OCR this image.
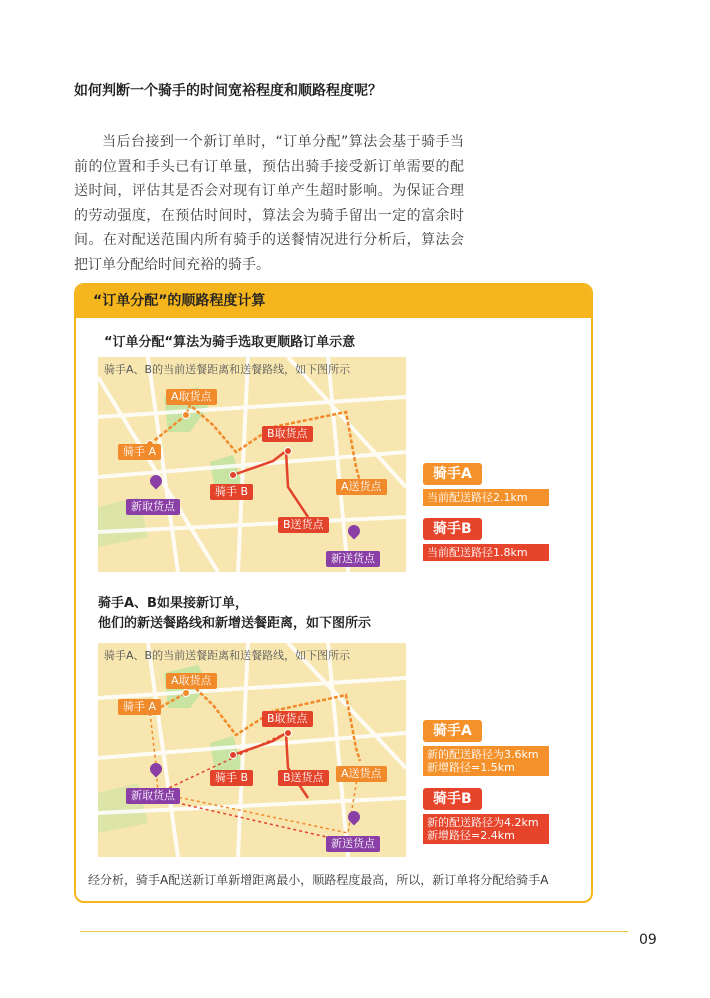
如何判断一个骑手的时间宽裕程度和顺路程度呢？

当后台接到一个新订单时，“订单分配”算法会基于骑手当前的位置和手头已有订单量，预估出骑手接受新订单需要的配送时间，评估其是否会对现有订单产生超时影响。为保证合理的劳动强度，在预估时间时，算法会为骑手留出一定的富余时间。在对配送范围内所有骑手的送餐情况进行分析后，算法会把订单分配给时间充裕的骑手。

“订单分配”的顺路程度计算
“订单分配“算法为骑手选取更顺路订单示意
骑手A、B的当前送餐距离和送餐路线，如下图所示
A取货点
B取货点
骑手 A
骑手 B	A送货点
B送货点
新取货点
新送货点
骑手A
当前配送路径2.1km
骑手B
当前配送路径1.8km
骑手A、B如果接新订单，
他们的新送餐路线和新增送餐距离，如下图所示
骑手A、B的当前送餐距离和送餐路线，如下图所示
A取货点
骑手 A
B取货点
骑手 B	B送货点	A送货点
新取货点
新送货点
骑手A
新的配送路径为3.6km
新增路径=1.5km
骑手B
新的配送路径为4.2km
新增路径=2.4km
经分析，骑手A配送新订单新增距离最小，顺路程度最高，所以，新订单将分配给骑手A
09
